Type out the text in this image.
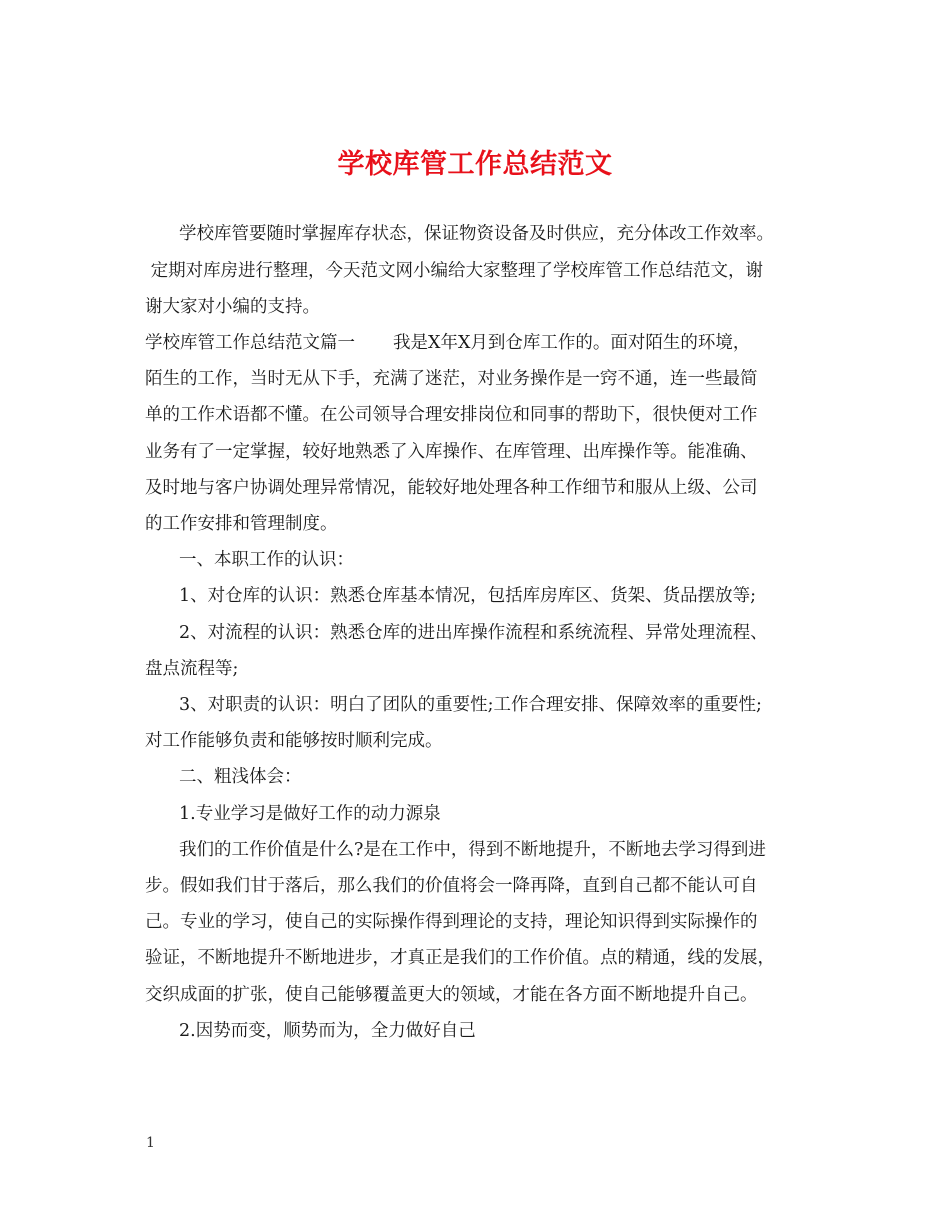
学校库管工作总结范文
学校库管要随时掌握库存状态，保证物资设备及时供应，充分体改工作效率。
定期对库房进行整理，今天范文网小编给大家整理了学校库管工作总结范文，谢
谢大家对小编的支持。
学校库管工作总结范文篇一 我是X年X月到仓库工作的。面对陌生的环境，
陌生的工作，当时无从下手，充满了迷茫，对业务操作是一窍不通，连一些最简
单的工作术语都不懂。在公司领导合理安排岗位和同事的帮助下，很快便对工作
业务有了一定掌握，较好地熟悉了入库操作、在库管理、出库操作等。能准确、
及时地与客户协调处理异常情况，能较好地处理各种工作细节和服从上级、公司
的工作安排和管理制度。
一、本职工作的认识：
1、对仓库的认识：熟悉仓库基本情况，包括库房库区、货架、货品摆放等;
2、对流程的认识：熟悉仓库的进出库操作流程和系统流程、异常处理流程、
盘点流程等;
3、对职责的认识：明白了团队的重要性;工作合理安排、保障效率的重要性;
对工作能够负责和能够按时顺利完成。
二、粗浅体会：
1.专业学习是做好工作的动力源泉
我们的工作价值是什么?是在工作中，得到不断地提升，不断地去学习得到进
步。假如我们甘于落后，那么我们的价值将会一降再降，直到自己都不能认可自
己。专业的学习，使自己的实际操作得到理论的支持，理论知识得到实际操作的
验证，不断地提升不断地进步，才真正是我们的工作价值。点的精通，线的发展，
交织成面的扩张，使自己能够覆盖更大的领域，才能在各方面不断地提升自己。
2.因势而变，顺势而为，全力做好自己
1
